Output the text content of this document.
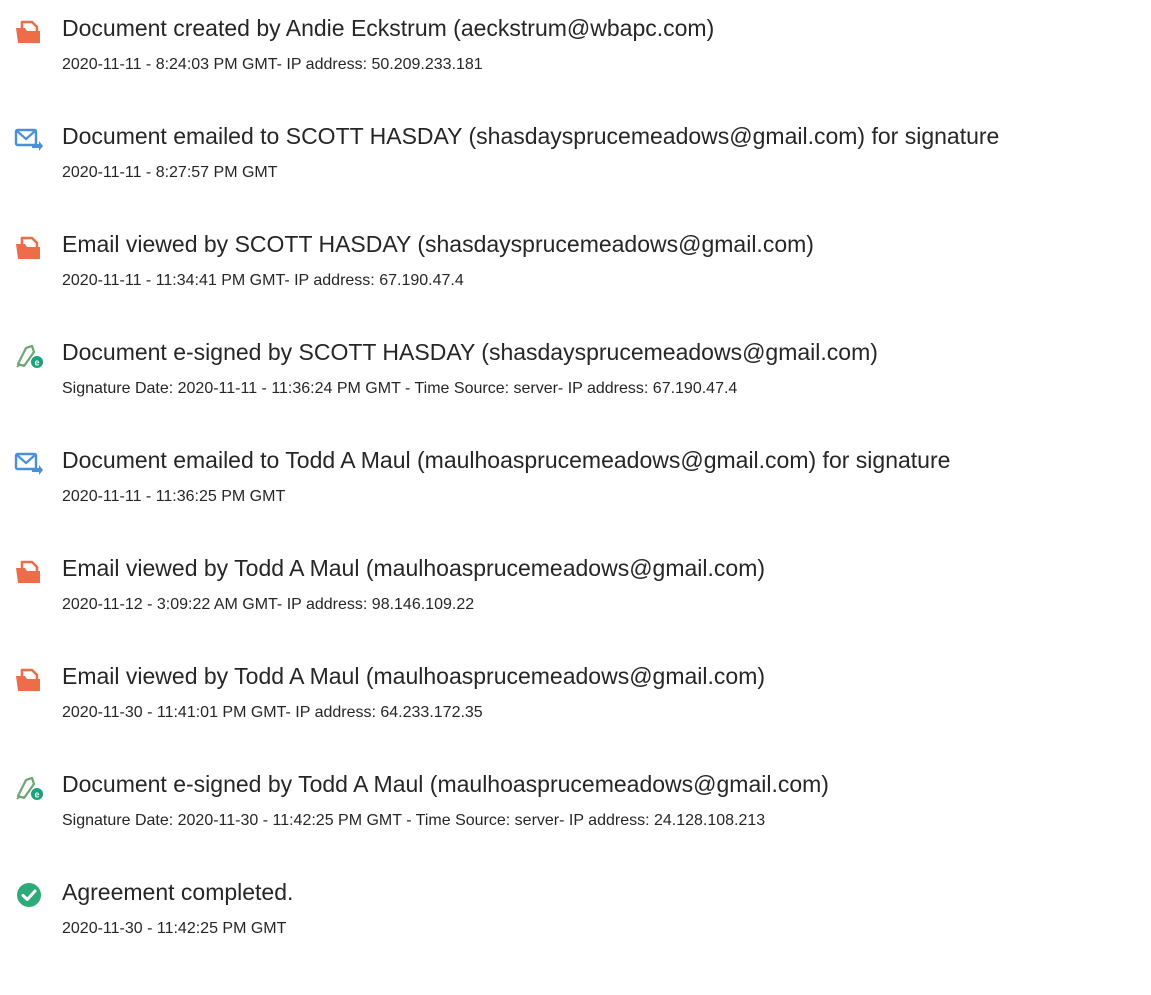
Document created by Andie Eckstrum (aeckstrum@wbapc.com)
2020-11-11 - 8:24:03 PM GMT- IP address: 50.209.233.181
Document emailed to SCOTT HASDAY (shasdaysprucemeadows@gmail.com) for signature
2020-11-11 - 8:27:57 PM GMT
Email viewed by SCOTT HASDAY (shasdaysprucemeadows@gmail.com)
2020-11-11 - 11:34:41 PM GMT- IP address: 67.190.47.4
e Document e-signed by SCOTT HASDAY (shasdaysprucemeadows@gmail.com)
Signature Date: 2020-11-11 - 11:36:24 PM GMT - Time Source: server- IP address: 67.190.47.4
Document emailed to Todd A Maul (maulhoasprucemeadows@gmail.com) for signature
2020-11-11 - 11:36:25 PM GMT
Email viewed by Todd A Maul (maulhoasprucemeadows@gmail.com)
2020-11-12 - 3:09:22 AM GMT- IP address: 98.146.109.22
Email viewed by Todd A Maul (maulhoasprucemeadows@gmail.com)
2020-11-30 - 11:41:01 PM GMT- IP address: 64.233.172.35
e Document e-signed by Todd A Maul (maulhoasprucemeadows@gmail.com)
Signature Date: 2020-11-30 - 11:42:25 PM GMT - Time Source: server- IP address: 24.128.108.213
Agreement completed.
2020-11-30 - 11:42:25 PM GMT
